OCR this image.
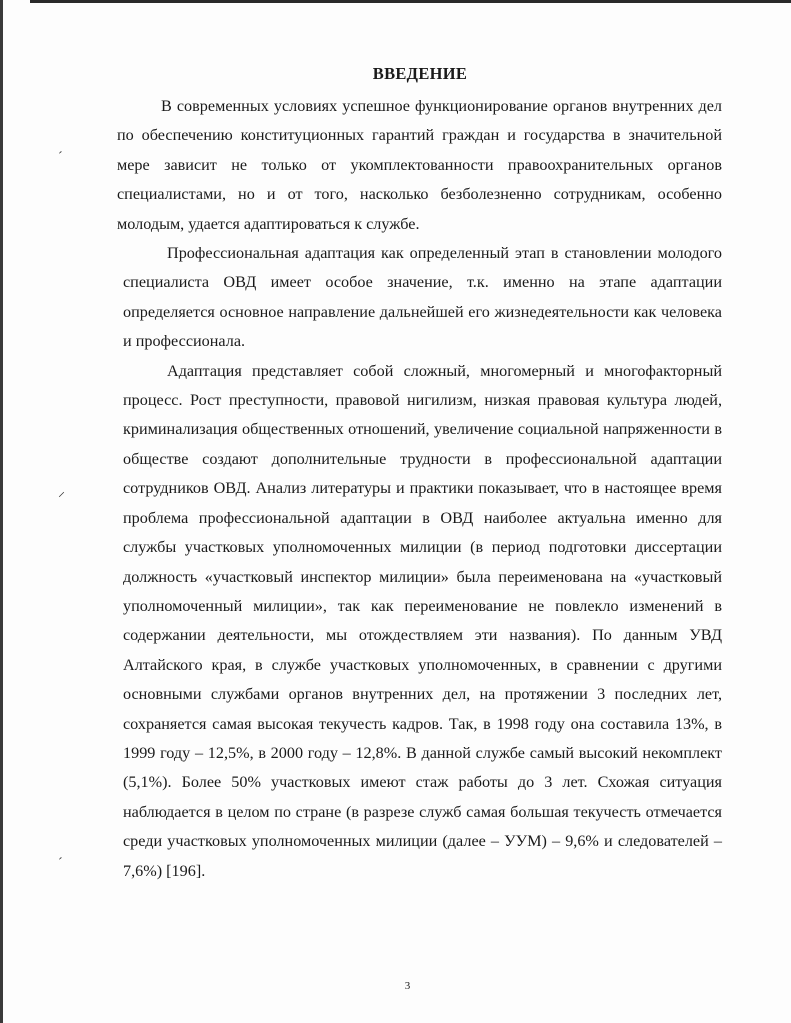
ВВЕДЕНИЕ

В современных условиях успешное функционирование органов внутренних дел по обеспечению конституционных гарантий граждан и государства в значительной мере зависит не только от укомплектованности правоохранительных органов специалистами, но и от того, насколько безболезненно сотрудникам, особенно молодым, удается адаптироваться к службе.

Профессиональная адаптация как определенный этап в становлении молодого специалиста ОВД имеет особое значение, т.к. именно на этапе адаптации определяется основное направление дальнейшей его жизнедеятельности как человека и профессионала.

Адаптация представляет собой сложный, многомерный и многофакторный процесс. Рост преступности, правовой нигилизм, низкая правовая культура людей, криминализация общественных отношений, увеличение социальной напряженности в обществе создают дополнительные трудности в профессиональной адаптации сотрудников ОВД. Анализ литературы и практики показывает, что в настоящее время проблема профессиональной адаптации в ОВД наиболее актуальна именно для службы участковых уполномоченных милиции (в период подготовки диссертации должность «участковый инспектор милиции» была переименована на «участковый уполномоченный милиции», так как переименование не повлекло изменений в содержании деятельности, мы отождествляем эти названия). По данным УВД Алтайского края, в службе участковых уполномоченных, в сравнении с другими основными службами органов внутренних дел, на протяжении 3 последних лет, сохраняется самая высокая текучесть кадров. Так, в 1998 году она составила 13%, в 1999 году – 12,5%, в 2000 году – 12,8%. В данной службе самый высокий некомплект (5,1%). Более 50% участковых имеют стаж работы до 3 лет. Схожая ситуация наблюдается в целом по стране (в разрезе служб самая большая текучесть отмечается среди участковых уполномоченных милиции (далее – УУМ) – 9,6% и следователей – 7,6%) [196].

ˊ
⸝
ˊ
3
